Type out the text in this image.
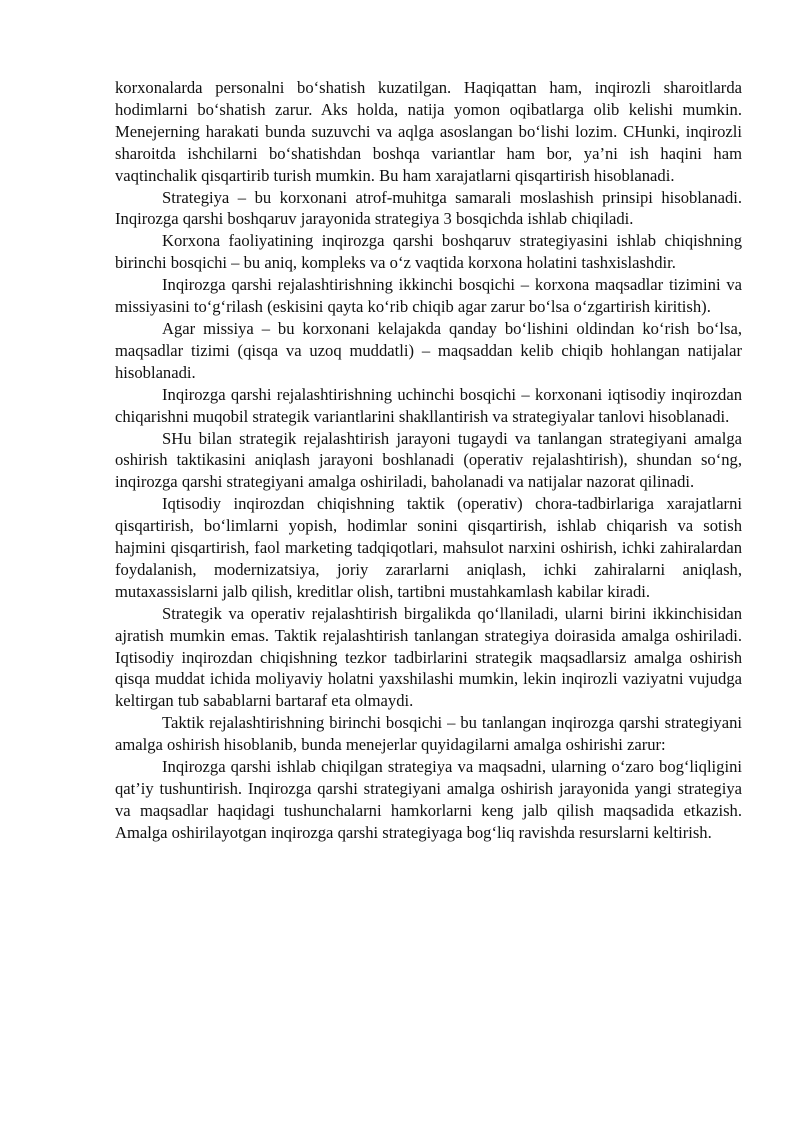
korxonalarda personalni bo‘shatish kuzatilgan. Haqiqattan ham, inqirozli sharoitlarda hodimlarni bo‘shatish zarur. Aks holda, natija yomon oqibatlarga olib kelishi mumkin. Menejerning harakati bunda suzuvchi va aqlga asoslangan bo‘lishi lozim. CHunki, inqirozli sharoitda ishchilarni bo‘shatishdan boshqa variantlar ham bor, ya’ni ish haqini ham vaqtinchalik qisqartirib turish mumkin. Bu ham xarajatlarni qisqartirish hisoblanadi.

Strategiya – bu korxonani atrof-muhitga samarali moslashish prinsipi hisoblanadi. Inqirozga qarshi boshqaruv jarayonida strategiya 3 bosqichda ishlab chiqiladi.

Korxona faoliyatining inqirozga qarshi boshqaruv strategiyasini ishlab chiqishning birinchi bosqichi – bu aniq, kompleks va o‘z vaqtida korxona holatini tashxislashdir.

Inqirozga qarshi rejalashtirishning ikkinchi bosqichi – korxona maqsadlar tizimini va missiyasini to‘g‘rilash (eskisini qayta ko‘rib chiqib agar zarur bo‘lsa o‘zgartirish kiritish).

Agar missiya – bu korxonani kelajakda qanday bo‘lishini oldindan ko‘rish bo‘lsa, maqsadlar tizimi (qisqa va uzoq muddatli) – maqsaddan kelib chiqib hohlangan natijalar hisoblanadi.

Inqirozga qarshi rejalashtirishning uchinchi bosqichi – korxonani iqtisodiy inqirozdan chiqarishni muqobil strategik variantlarini shakllantirish va strategiyalar tanlovi hisoblanadi.

SHu bilan strategik rejalashtirish jarayoni tugaydi va tanlangan strategiyani amalga oshirish taktikasini aniqlash jarayoni boshlanadi (operativ rejalashtirish), shundan so‘ng, inqirozga qarshi strategiyani amalga oshiriladi, baholanadi va natijalar nazorat qilinadi.

Iqtisodiy inqirozdan chiqishning taktik (operativ) chora-tadbirlariga xarajatlarni qisqartirish, bo‘limlarni yopish, hodimlar sonini qisqartirish, ishlab chiqarish va sotish hajmini qisqartirish, faol marketing tadqiqotlari, mahsulot narxini oshirish, ichki zahiralardan foydalanish, modernizatsiya, joriy zararlarni aniqlash, ichki zahiralarni aniqlash, mutaxassislarni jalb qilish, kreditlar olish, tartibni mustahkamlash kabilar kiradi.

Strategik va operativ rejalashtirish birgalikda qo‘llaniladi, ularni birini ikkinchisidan ajratish mumkin emas. Taktik rejalashtirish tanlangan strategiya doirasida amalga oshiriladi. Iqtisodiy inqirozdan chiqishning tezkor tadbirlarini strategik maqsadlarsiz amalga oshirish qisqa muddat ichida moliyaviy holatni yaxshilashi mumkin, lekin inqirozli vaziyatni vujudga keltirgan tub sabablarni bartaraf eta olmaydi.

Taktik rejalashtirishning birinchi bosqichi – bu tanlangan inqirozga qarshi strategiyani amalga oshirish hisoblanib, bunda menejerlar quyidagilarni amalga oshirishi zarur:

Inqirozga qarshi ishlab chiqilgan strategiya va maqsadni, ularning o‘zaro bog‘liqligini qat’iy tushuntirish. Inqirozga qarshi strategiyani amalga oshirish jarayonida yangi strategiya va maqsadlar haqidagi tushunchalarni hamkorlarni keng jalb qilish maqsadida etkazish. Amalga oshirilayotgan inqirozga qarshi strategiyaga bog‘liq ravishda resurslarni keltirish.
